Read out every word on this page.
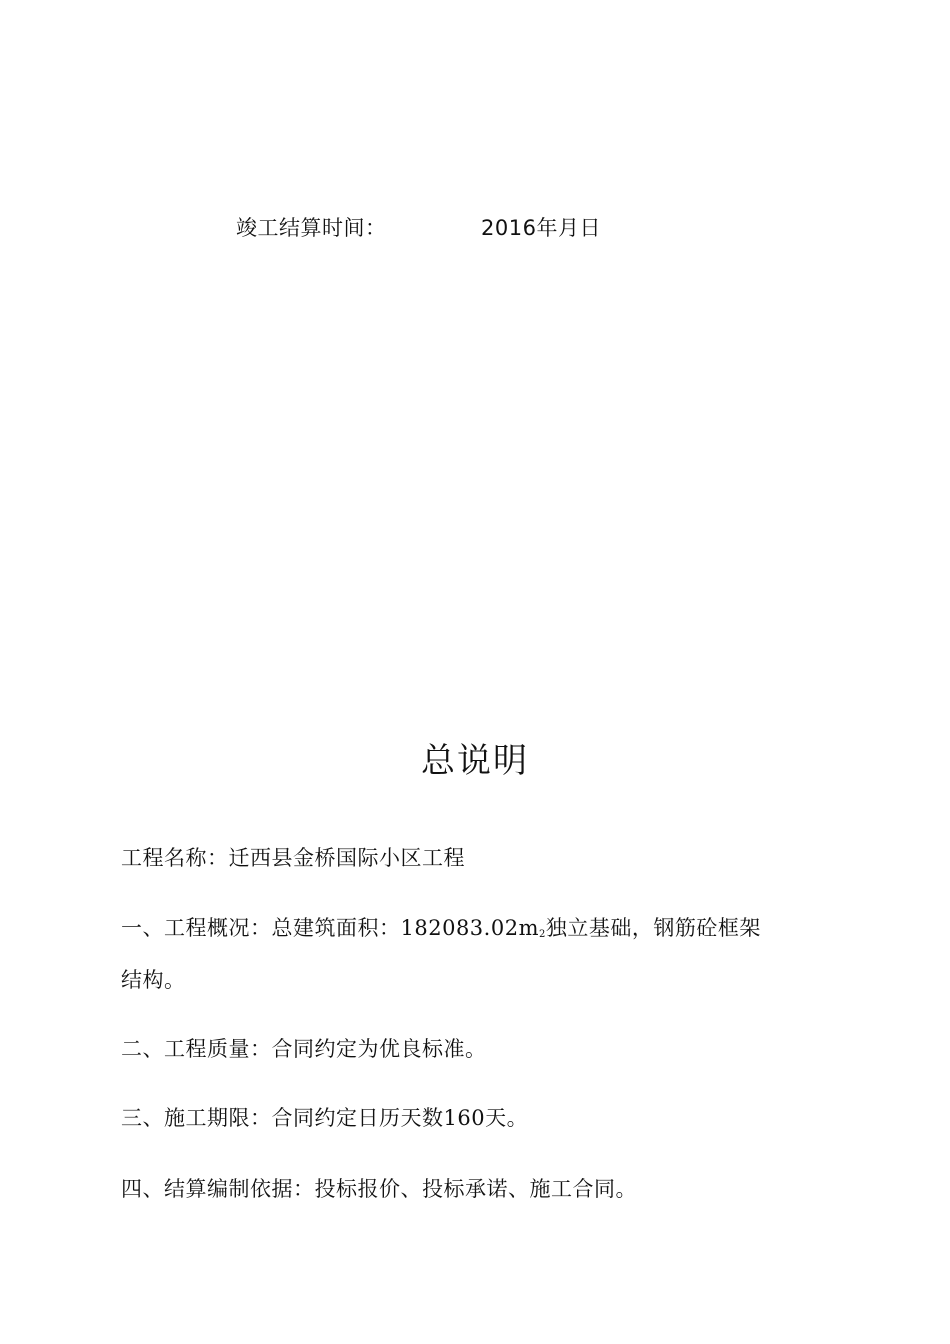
竣工结算时间：	2016年月日
总说明
工程名称：迁西县金桥国际小区工程
一、工程概况：总建筑面积：$182083.02m_2$独立基础，钢筋砼框架
结构。
二、工程质量：合同约定为优良标准。
三、施工期限：合同约定日历天数160天。
四、结算编制依据：投标报价、投标承诺、施工合同。
